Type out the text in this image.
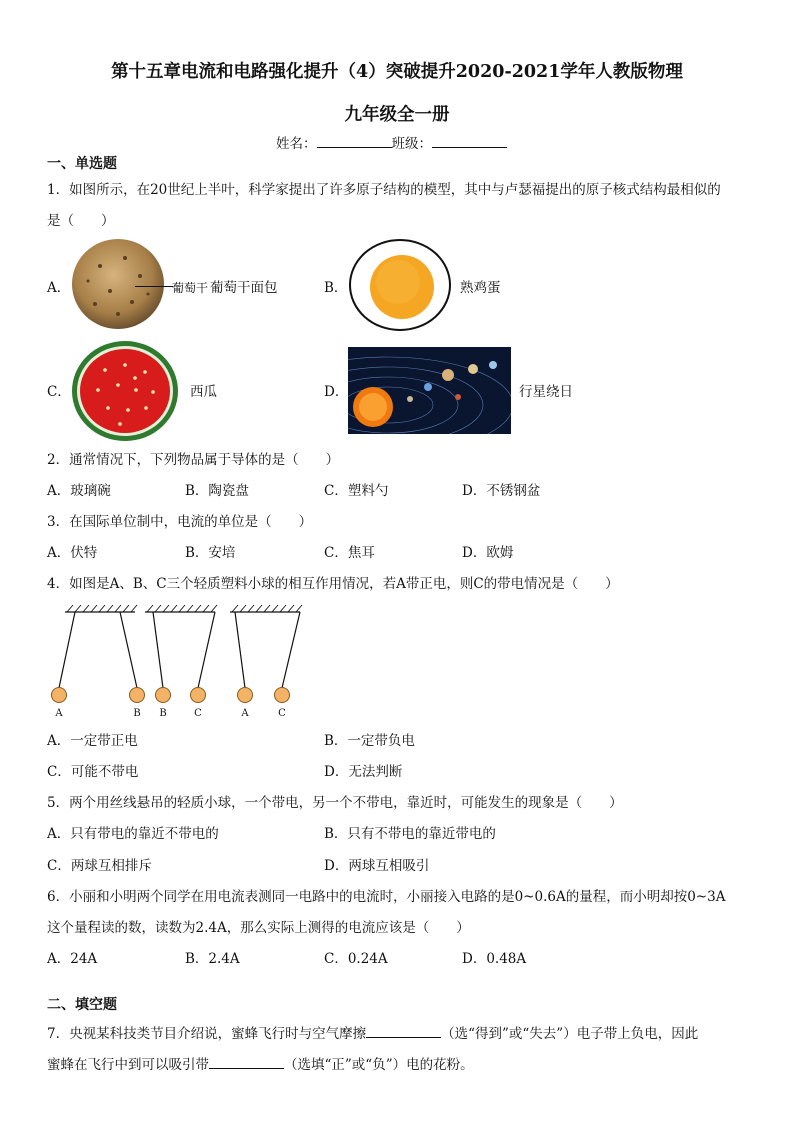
第十五章电流和电路强化提升（4）突破提升2020-2021学年人教版物理
九年级全一册
姓名：	班级：
一、单选题
1．如图所示，在20世纪上半叶，科学家提出了许多原子结构的模型，其中与卢瑟福提出的原子核式结构最相似的
是（　　）
A．	葡萄干 葡萄干面包	B．	熟鸡蛋
C．	西瓜	D．	行星绕日
2．通常情况下，下列物品属于导体的是（　　）
A．玻璃碗	B．陶瓷盘	C．塑料勺	D．不锈钢盆
3．在国际单位制中，电流的单位是（　　）
A．伏特	B．安培	C．焦耳	D．欧姆
4．如图是A、B、C三个轻质塑料小球的相互作用情况，若A带正电，则C的带电情况是（　　）
A	B B	C	A	C
A．一定带正电	B．一定带负电
C．可能不带电	D．无法判断
5．两个用丝线悬吊的轻质小球，一个带电，另一个不带电，靠近时，可能发生的现象是（　　）
A．只有带电的靠近不带电的	B．只有不带电的靠近带电的
C．两球互相排斥	D．两球互相吸引
6．小丽和小明两个同学在用电流表测同一电路中的电流时，小丽接入电路的是0~0.6A的量程，而小明却按0~3A
这个量程读的数，读数为2.4A，那么实际上测得的电流应该是（　　）
A．24A	B．2.4A	C．0.24A	D．0.48A
二、填空题
7．央视某科技类节目介绍说，蜜蜂飞行时与空气摩擦	（选“得到”或“失去”）电子带上负电，因此
蜜蜂在飞行中到可以吸引带	（选填“正”或“负”）电的花粉。
